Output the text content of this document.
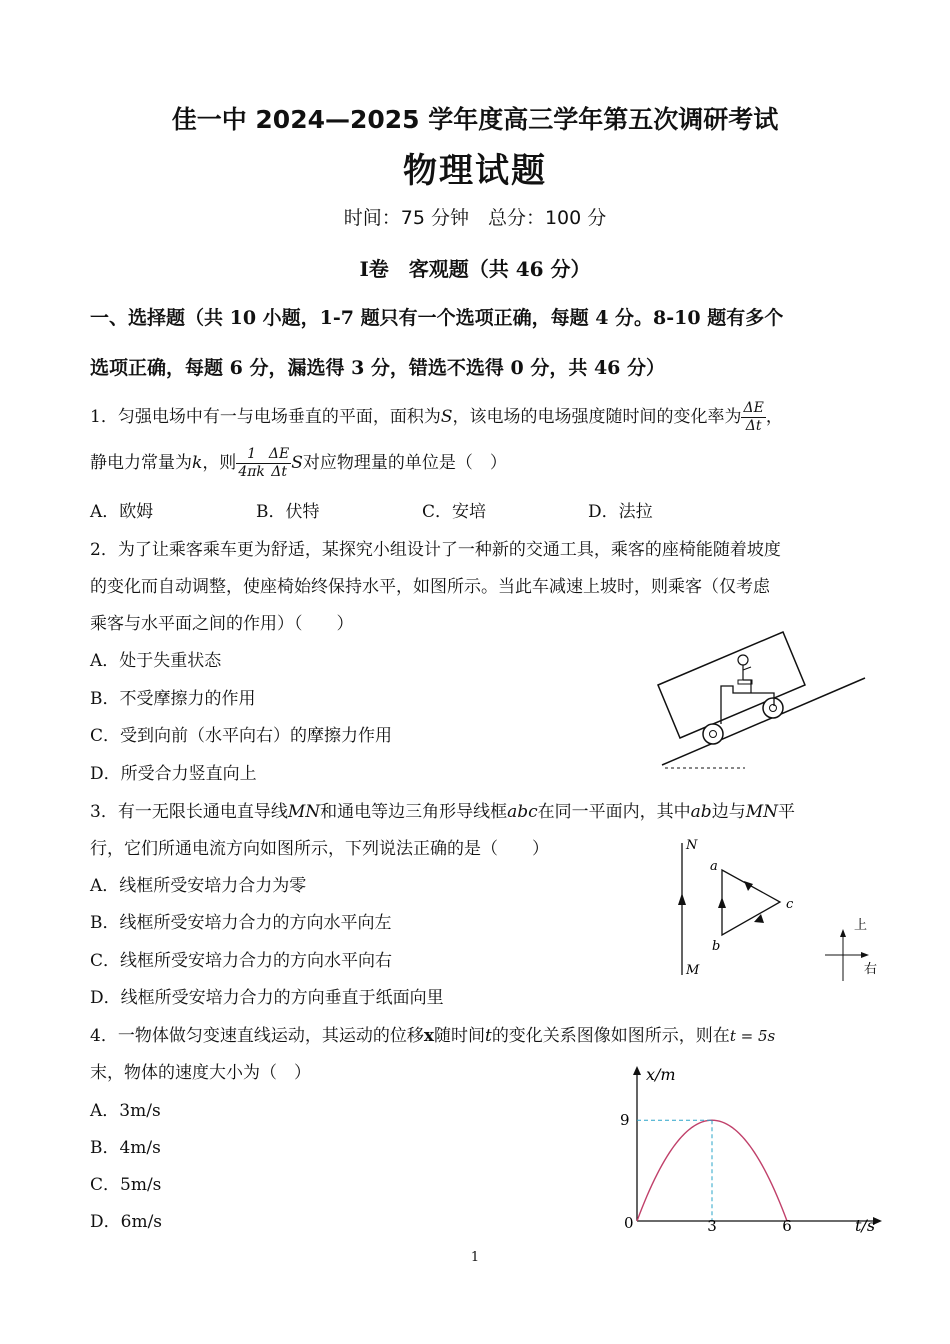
佳一中 2024—2025 学年度高三学年第五次调研考试
物理试题
时间：75 分钟　总分：100 分
Ⅰ卷　客观题（共 46 分）
一、选择题（共 10 小题，1-7 题只有一个选项正确，每题 4 分。8-10 题有多个
选项正确，每题 6 分，漏选得 3 分，错选不选得 0 分，共 46 分）
1．匀强电场中有一与电场垂直的平面，面积为S，该电场的电场强度随时间的变化率为 $\frac{\Delta E}{\Delta t}$ ，
静电力常量为k，则 $\frac{1}{4\pi k} \frac{\Delta E}{\Delta t}$ S对应物理量的单位是（　）
A．欧姆	B．伏特	C．安培	D．法拉
2．为了让乘客乘车更为舒适，某探究小组设计了一种新的交通工具，乘客的座椅能随着坡度
的变化而自动调整，使座椅始终保持水平，如图所示。当此车减速上坡时，则乘客（仅考虑
乘客与水平面之间的作用）（　　）
A．处于失重状态
B．不受摩擦力的作用
C．受到向前（水平向右）的摩擦力作用
D．所受合力竖直向上
3．有一无限长通电直导线MN和通电等边三角形导线框abc在同一平面内，其中ab边与MN平
行，它们所通电流方向如图所示，下列说法正确的是（　　）
A．线框所受安培力合力为零
B．线框所受安培力合力的方向水平向左
C．线框所受安培力合力的方向水平向右
D．线框所受安培力合力的方向垂直于纸面向里
N
M
a
b
c
上
右
4．一物体做匀变速直线运动，其运动的位移x随时间t的变化关系图像如图所示，则在t = 5s
末，物体的速度大小为（　）
A．3m/s
B．4m/s
C．5m/s
D．6m/s	0	3	6
9
x/m
t/s
1
